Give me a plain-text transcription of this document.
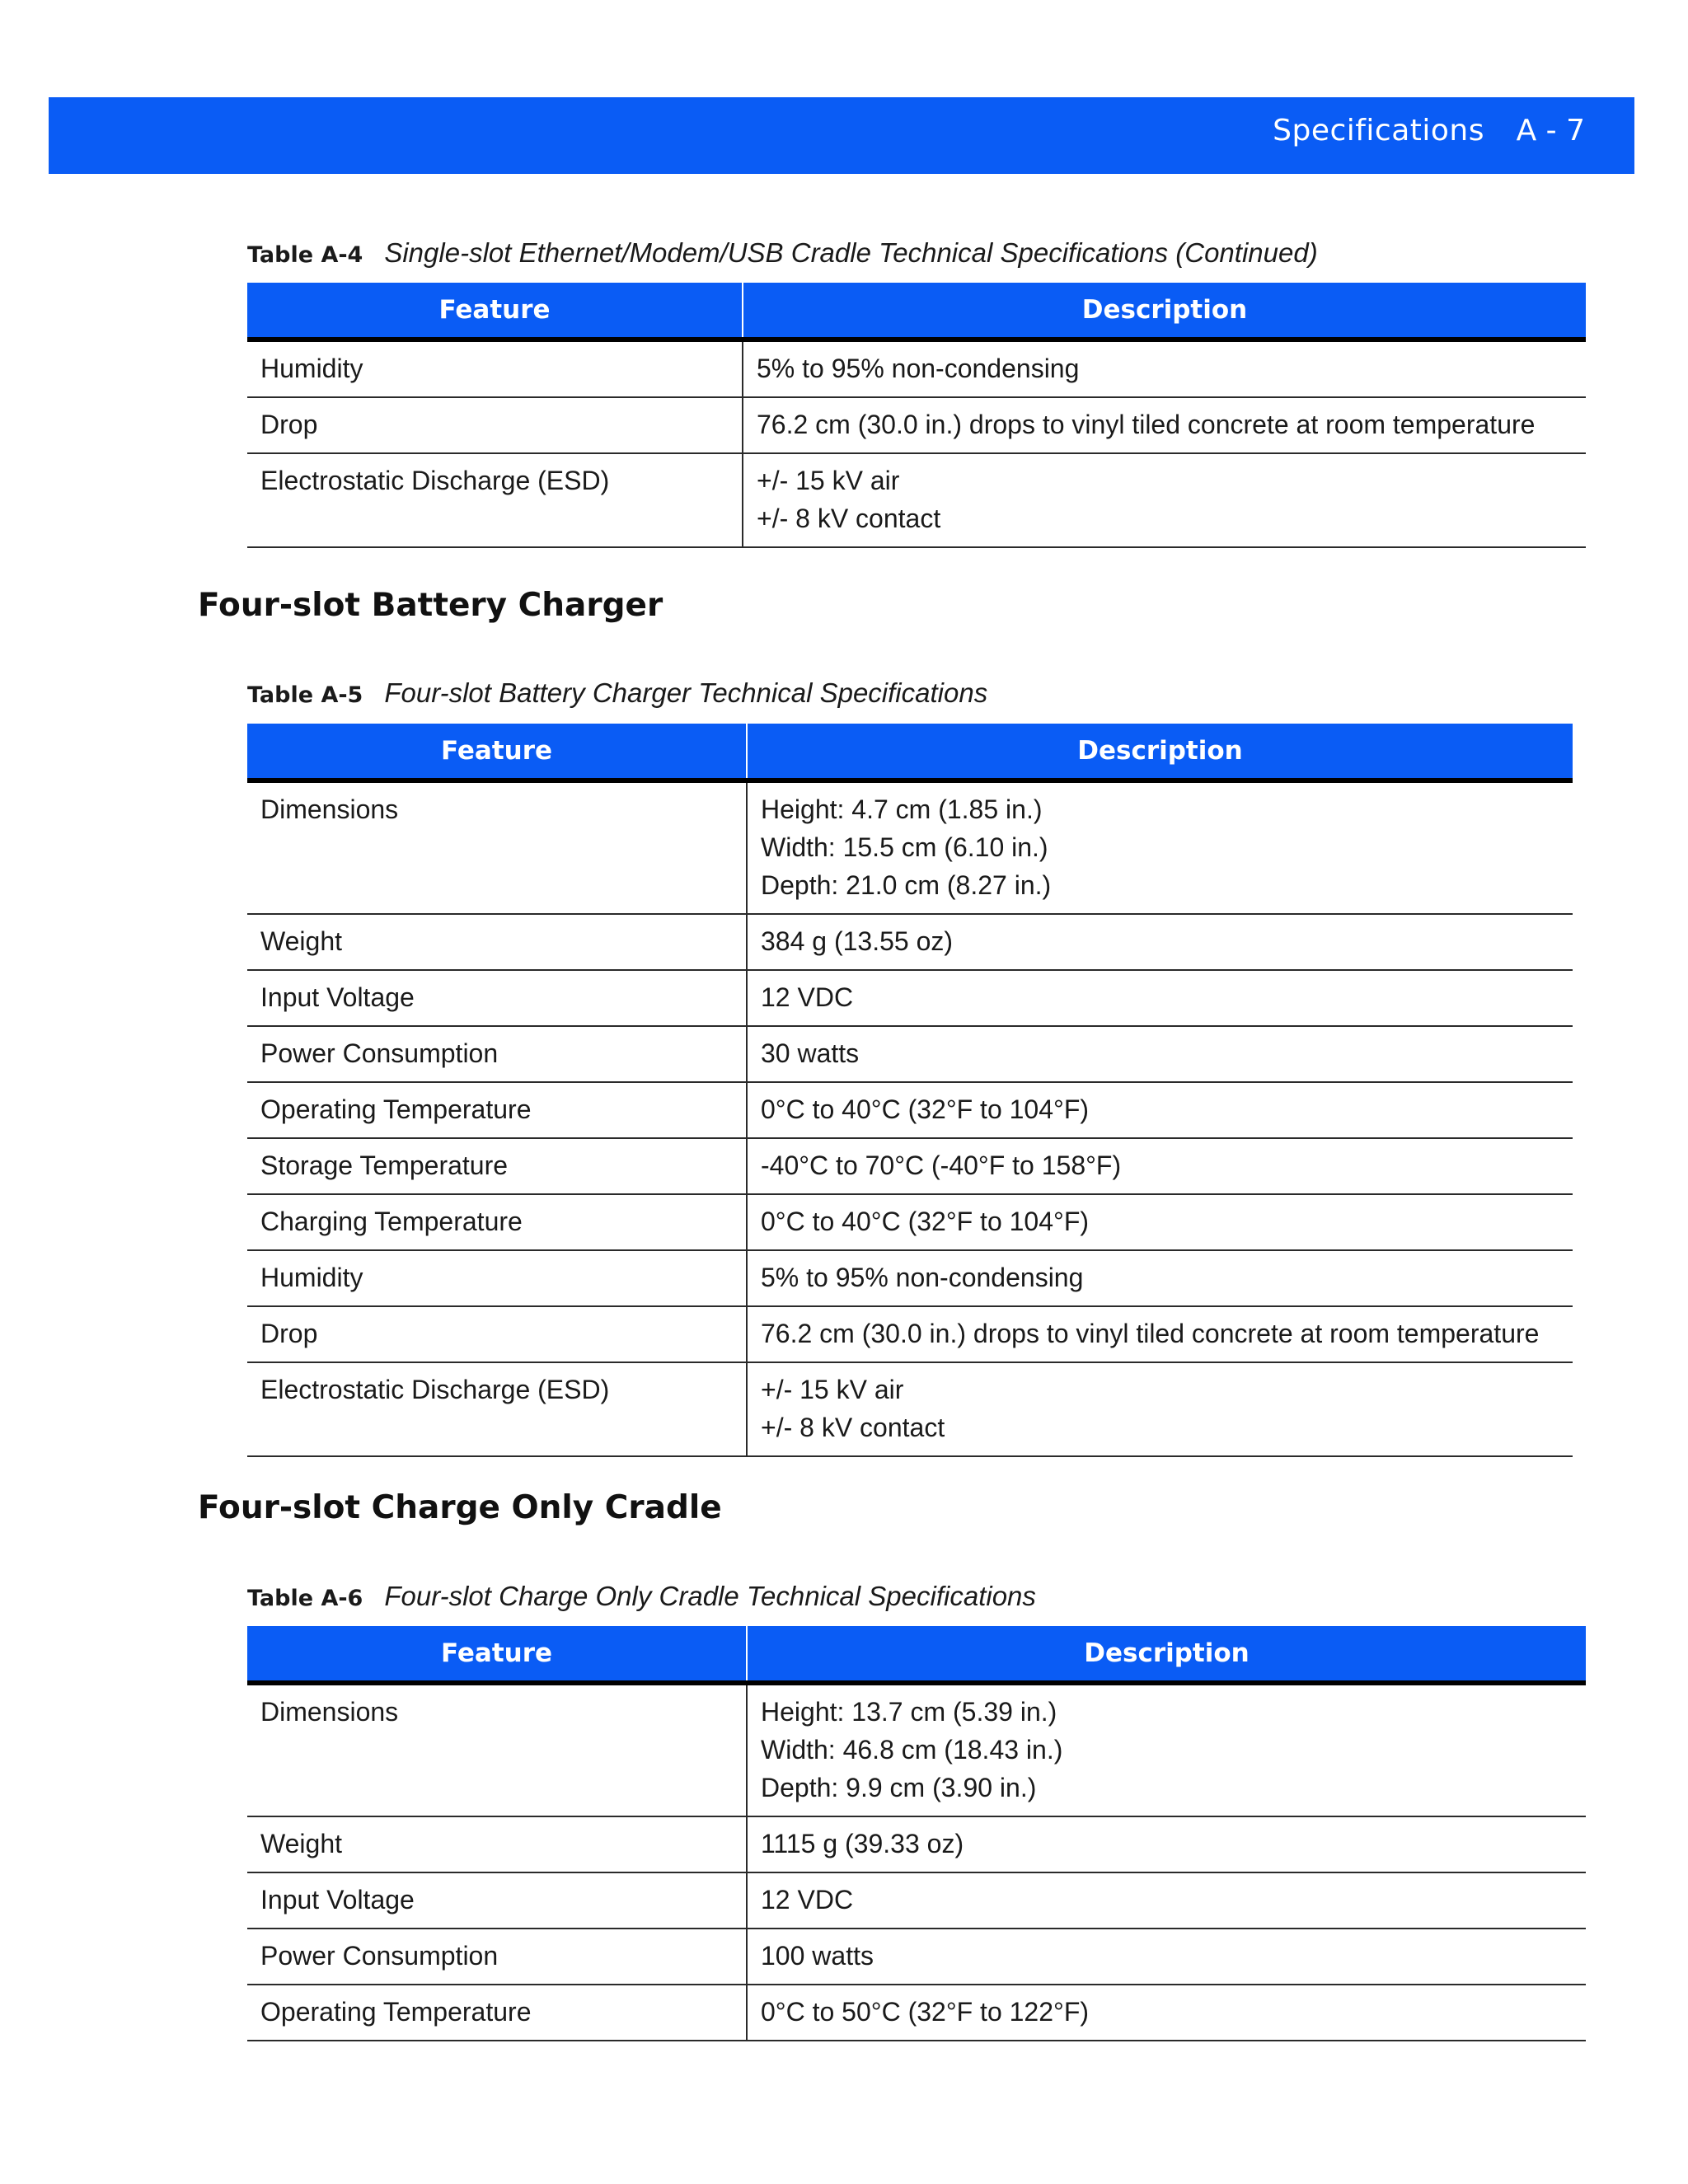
Specifications A - 7
Table A-4 Single-slot Ethernet/Modem/USB Cradle Technical Specifications (Continued)
Feature	Description
Humidity	5% to 95% non-condensing

Drop	76.2 cm (30.0 in.) drops to vinyl tiled concrete at room temperature

Electrostatic Discharge (ESD)	+/- 15 kV air
+/- 8 kV contact
Four-slot Battery Charger
Table A-5 Four-slot Battery Charger Technical Specifications
Feature	Description
Dimensions	Height: 4.7 cm (1.85 in.)
Width: 15.5 cm (6.10 in.)
Depth: 21.0 cm (8.27 in.)

Weight	384 g (13.55 oz)

Input Voltage	12 VDC

Power Consumption	30 watts

Operating Temperature	0°C to 40°C (32°F to 104°F)

Storage Temperature	-40°C to 70°C (-40°F to 158°F)

Charging Temperature	0°C to 40°C (32°F to 104°F)

Humidity	5% to 95% non-condensing

Drop	76.2 cm (30.0 in.) drops to vinyl tiled concrete at room temperature

Electrostatic Discharge (ESD)	+/- 15 kV air
+/- 8 kV contact
Four-slot Charge Only Cradle
Table A-6 Four-slot Charge Only Cradle Technical Specifications
Feature	Description
Dimensions	Height: 13.7 cm (5.39 in.)
Width: 46.8 cm (18.43 in.)
Depth: 9.9 cm (3.90 in.)

Weight	1115 g (39.33 oz)

Input Voltage	12 VDC

Power Consumption	100 watts

Operating Temperature	0°C to 50°C (32°F to 122°F)
